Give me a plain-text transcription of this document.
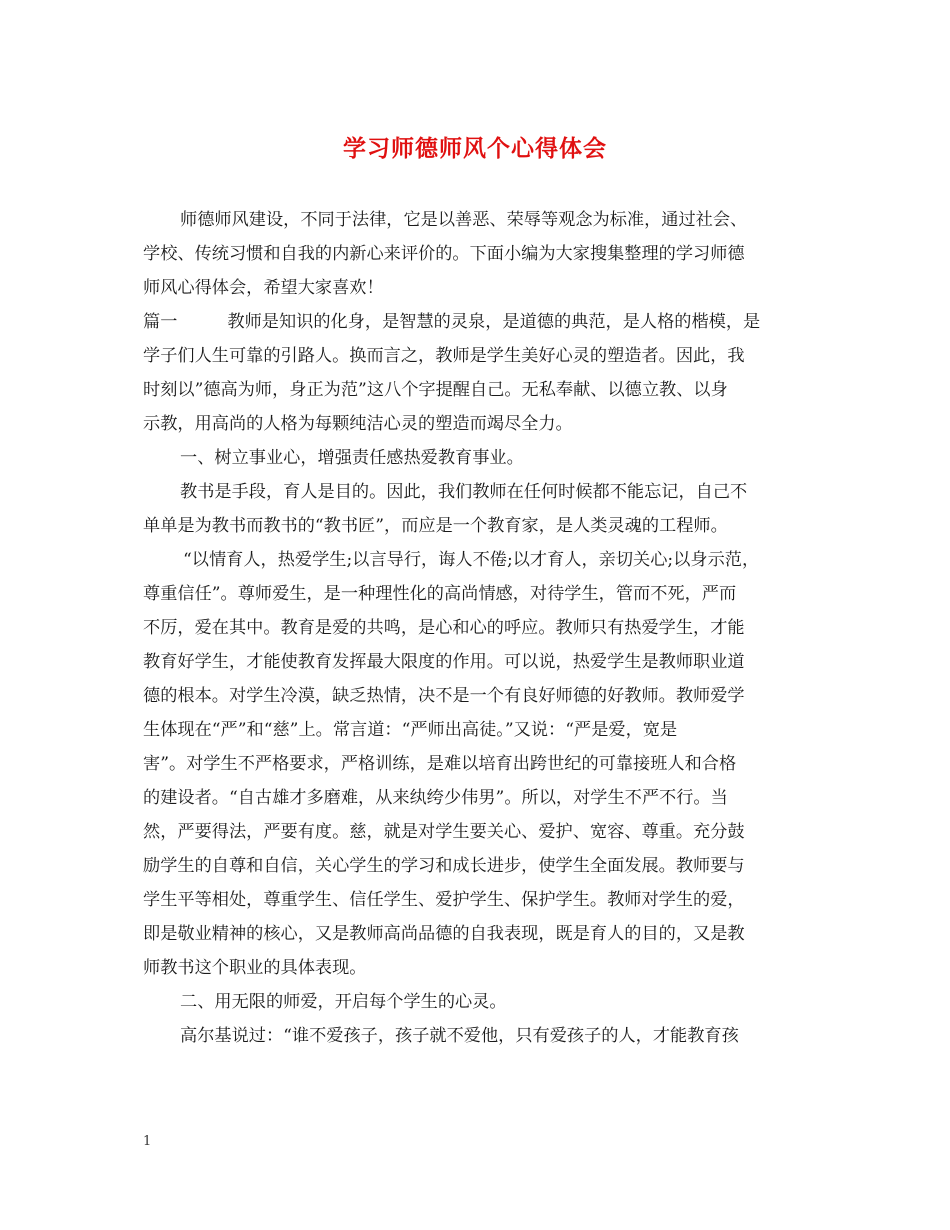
学习师德师风个心得体会
师德师风建设，不同于法律，它是以善恶、荣辱等观念为标准，通过社会、
学校、传统习惯和自我的内新心来评价的。下面小编为大家搜集整理的学习师德
师风心得体会，希望大家喜欢！
篇一	教师是知识的化身，是智慧的灵泉，是道德的典范，是人格的楷模，是
学子们人生可靠的引路人。换而言之，教师是学生美好心灵的塑造者。因此，我
时刻以”德高为师，身正为范”这八个字提醒自己。无私奉献、以德立教、以身
示教，用高尚的人格为每颗纯洁心灵的塑造而竭尽全力。
一、树立事业心，增强责任感热爱教育事业。
教书是手段，育人是目的。因此，我们教师在任何时候都不能忘记，自己不
单单是为教书而教书的“教书匠”，而应是一个教育家，是人类灵魂的工程师。
“以情育人，热爱学生;以言导行，诲人不倦;以才育人，亲切关心;以身示范，
尊重信任”。尊师爱生，是一种理性化的高尚情感，对待学生，管而不死，严而
不厉，爱在其中。教育是爱的共鸣，是心和心的呼应。教师只有热爱学生，才能
教育好学生，才能使教育发挥最大限度的作用。可以说，热爱学生是教师职业道
德的根本。对学生冷漠，缺乏热情，决不是一个有良好师德的好教师。教师爱学
生体现在“严”和“慈”上。常言道：“严师出高徒。”又说：“严是爱，宽是
害”。对学生不严格要求，严格训练，是难以培育出跨世纪的可靠接班人和合格
的建设者。“自古雄才多磨难，从来纨绔少伟男”。所以，对学生不严不行。当
然，严要得法，严要有度。慈，就是对学生要关心、爱护、宽容、尊重。充分鼓
励学生的自尊和自信，关心学生的学习和成长进步，使学生全面发展。教师要与
学生平等相处，尊重学生、信任学生、爱护学生、保护学生。教师对学生的爱，
即是敬业精神的核心，又是教师高尚品德的自我表现，既是育人的目的，又是教
师教书这个职业的具体表现。
二、用无限的师爱，开启每个学生的心灵。
高尔基说过：“谁不爱孩子，孩子就不爱他，只有爱孩子的人，才能教育孩
1
